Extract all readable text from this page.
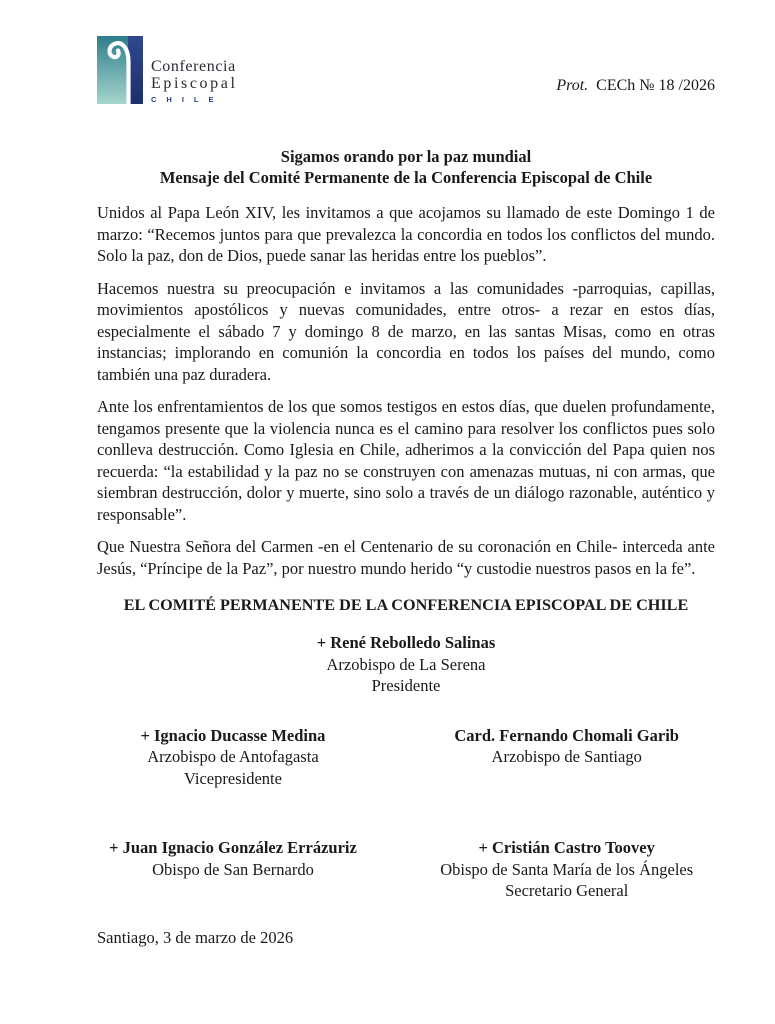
Conferencia
Episcopal
CHILE
Prot. CECh № 18 /2026
Sigamos orando por la paz mundial
Mensaje del Comité Permanente de la Conferencia Episcopal de Chile

Unidos al Papa León XIV, les invitamos a que acojamos su llamado de este Domingo 1 de marzo: “Recemos juntos para que prevalezca la concordia en todos los conflictos del mundo. Solo la paz, don de Dios, puede sanar las heridas entre los pueblos”.

Hacemos nuestra su preocupación e invitamos a las comunidades -parroquias, capillas, movimientos apostólicos y nuevas comunidades, entre otros- a rezar en estos días, especialmente el sábado 7 y domingo 8 de marzo, en las santas Misas, como en otras instancias; implorando en comunión la concordia en todos los países del mundo, como también una paz duradera.

Ante los enfrentamientos de los que somos testigos en estos días, que duelen profundamente, tengamos presente que la violencia nunca es el camino para resolver los conflictos pues solo conlleva destrucción. Como Iglesia en Chile, adherimos a la convicción del Papa quien nos recuerda: “la estabilidad y la paz no se construyen con amenazas mutuas, ni con armas, que siembran destrucción, dolor y muerte, sino solo a través de un diálogo razonable, auténtico y responsable”.

Que Nuestra Señora del Carmen -en el Centenario de su coronación en Chile- interceda ante Jesús, “Príncipe de la Paz”, por nuestro mundo herido “y custodie nuestros pasos en la fe”.

EL COMITÉ PERMANENTE DE LA CONFERENCIA EPISCOPAL DE CHILE
+ René Rebolledo Salinas
Arzobispo de La Serena
Presidente
+ Ignacio Ducasse Medina
Arzobispo de Antofagasta
Vicepresidente
Card. Fernando Chomali Garib
Arzobispo de Santiago
+ Juan Ignacio González Errázuriz
Obispo de San Bernardo
+ Cristián Castro Toovey
Obispo de Santa María de los Ángeles
Secretario General
Santiago, 3 de marzo de 2026
